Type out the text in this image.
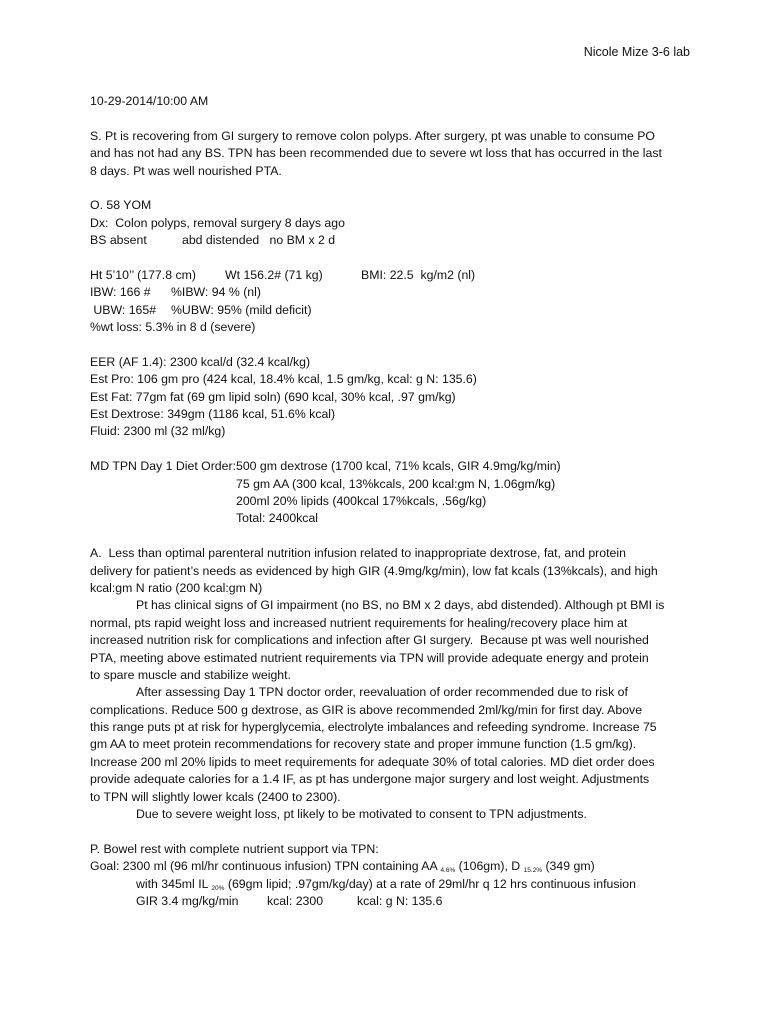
Nicole Mize 3-6 lab
10-29-2014/10:00 AM
S. Pt is recovering from GI surgery to remove colon polyps. After surgery, pt was unable to consume PO
and has not had any BS. TPN has been recommended due to severe wt loss that has occurred in the last
8 days. Pt was well nourished PTA.
O. 58 YOM
Dx:  Colon polyps, removal surgery 8 days ago
BS absent	abd distended   no BM x 2 d
Ht 5’10’’ (177.8 cm) Wt 156.2# (71 kg)	BMI: 22.5  kg/m2 (nl)
IBW: 166 # %IBW: 94 % (nl)
UBW: 165# %UBW: 95% (mild deficit)
%wt loss: 5.3% in 8 d (severe)
EER (AF 1.4): 2300 kcal/d (32.4 kcal/kg)
Est Pro: 106 gm pro (424 kcal, 18.4% kcal, 1.5 gm/kg, kcal: g N: 135.6)
Est Fat: 77gm fat (69 gm lipid soln) (690 kcal, 30% kcal, .97 gm/kg)
Est Dextrose: 349gm (1186 kcal, 51.6% kcal)
Fluid: 2300 ml (32 ml/kg)
MD TPN Day 1 Diet Order:500 gm dextrose (1700 kcal, 71% kcals, GIR 4.9mg/kg/min)
75 gm AA (300 kcal, 13%kcals, 200 kcal:gm N, 1.06gm/kg)
200ml 20% lipids (400kcal 17%kcals, .56g/kg)
Total: 2400kcal
A.  Less than optimal parenteral nutrition infusion related to inappropriate dextrose, fat, and protein
delivery for patient’s needs as evidenced by high GIR (4.9mg/kg/min), low fat kcals (13%kcals), and high
kcal:gm N ratio (200 kcal:gm N)
Pt has clinical signs of GI impairment (no BS, no BM x 2 days, abd distended). Although pt BMI is
normal, pts rapid weight loss and increased nutrient requirements for healing/recovery place him at
increased nutrition risk for complications and infection after GI surgery.  Because pt was well nourished
PTA, meeting above estimated nutrient requirements via TPN will provide adequate energy and protein
to spare muscle and stabilize weight.
After assessing Day 1 TPN doctor order, reevaluation of order recommended due to risk of
complications. Reduce 500 g dextrose, as GIR is above recommended 2ml/kg/min for first day. Above
this range puts pt at risk for hyperglycemia, electrolyte imbalances and refeeding syndrome. Increase 75
gm AA to meet protein recommendations for recovery state and proper immune function (1.5 gm/kg).
Increase 200 ml 20% lipids to meet requirements for adequate 30% of total calories. MD diet order does
provide adequate calories for a 1.4 IF, as pt has undergone major surgery and lost weight. Adjustments
to TPN will slightly lower kcals (2400 to 2300).
Due to severe weight loss, pt likely to be motivated to consent to TPN adjustments.
P. Bowel rest with complete nutrient support via TPN:
Goal: 2300 ml (96 ml/hr continuous infusion) TPN containing AA $_{4.6\%}$ (106gm), D $_{15.2\%}$ (349 gm)
with 345ml IL $_{20\%}$ (69gm lipid; .97gm/kg/day) at a rate of 29ml/hr q 12 hrs continuous infusion
GIR 3.4 mg/kg/min kcal: 2300	kcal: g N: 135.6
